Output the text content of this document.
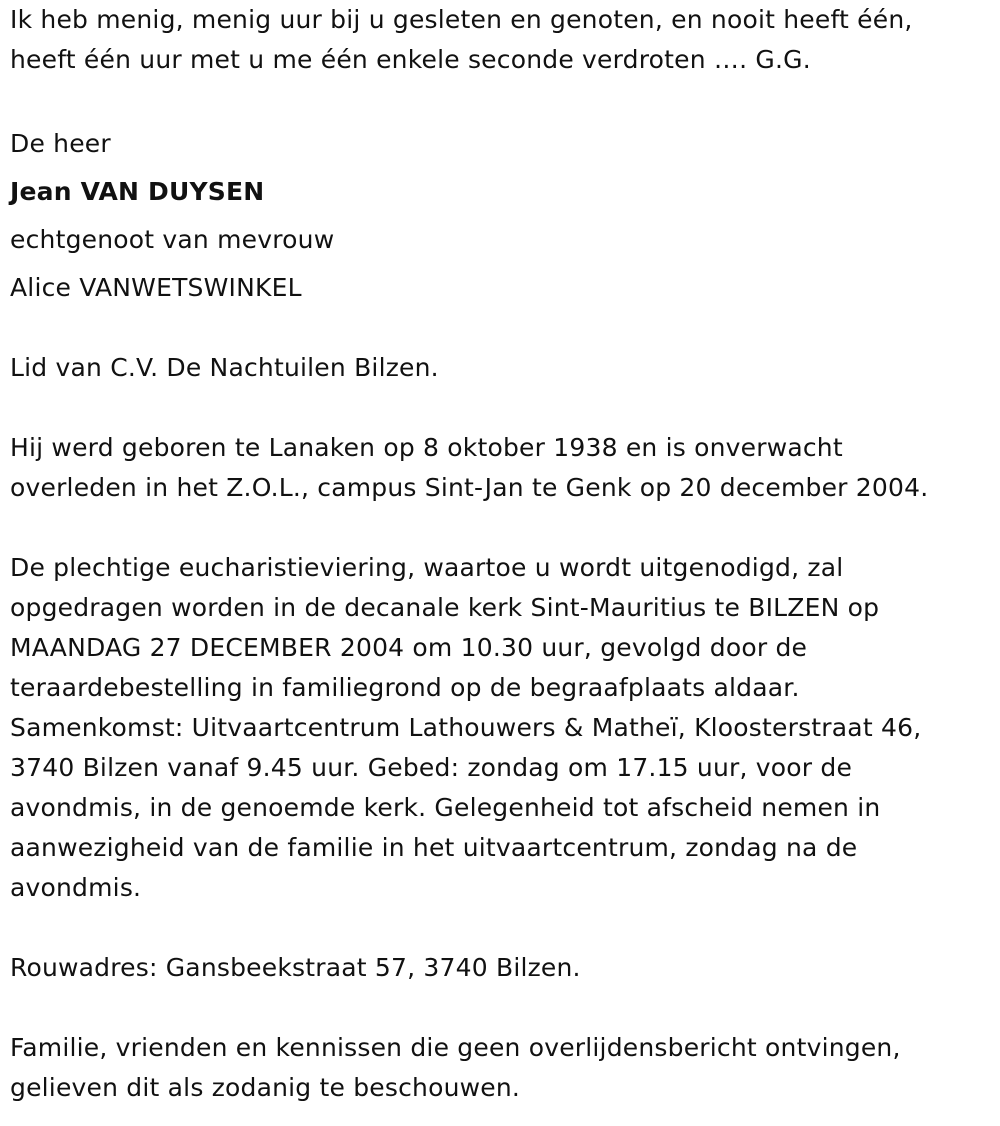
Ik heb menig, menig uur bij u gesleten en genoten, en nooit heeft één,
heeft één uur met u me één enkele seconde verdroten …. G.G.
De heer
Jean VAN DUYSEN
echtgenoot van mevrouw
Alice VANWETSWINKEL
Lid van C.V. De Nachtuilen Bilzen.
Hij werd geboren te Lanaken op 8 oktober 1938 en is onverwacht
overleden in het Z.O.L., campus Sint-Jan te Genk op 20 december 2004.
De plechtige eucharistieviering, waartoe u wordt uitgenodigd, zal
opgedragen worden in de decanale kerk Sint-Mauritius te BILZEN op
MAANDAG 27 DECEMBER 2004 om 10.30 uur, gevolgd door de
teraardebestelling in familiegrond op de begraafplaats aldaar.
Samenkomst: Uitvaartcentrum Lathouwers & Matheï, Kloosterstraat 46,
3740 Bilzen vanaf 9.45 uur. Gebed: zondag om 17.15 uur, voor de
avondmis, in de genoemde kerk. Gelegenheid tot afscheid nemen in
aanwezigheid van de familie in het uitvaartcentrum, zondag na de
avondmis.
Rouwadres: Gansbeekstraat 57, 3740 Bilzen.
Familie, vrienden en kennissen die geen overlijdensbericht ontvingen,
gelieven dit als zodanig te beschouwen.
